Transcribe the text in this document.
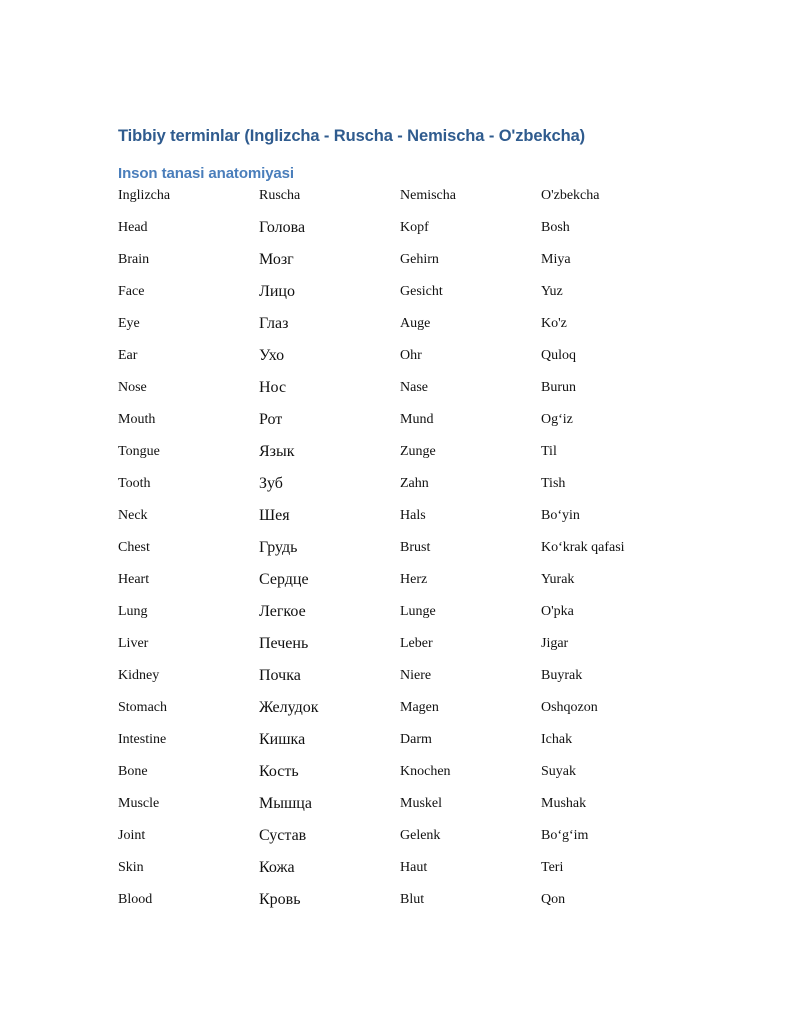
Tibbiy terminlar (Inglizcha - Ruscha - Nemischa - O'zbekcha)
Inson tanasi anatomiyasi
Inglizcha	Ruscha	Nemischa	O'zbekcha
Head	Голова	Kopf	Bosh
Brain	Мозг	Gehirn	Miya
Face	Лицо	Gesicht	Yuz
Eye	Глаз	Auge	Ko'z
Ear	Ухо	Ohr	Quloq
Nose	Нос	Nase	Burun
Mouth	Рот	Mund	Og‘iz
Tongue	Язык	Zunge	Til
Tooth	Зуб	Zahn	Tish
Neck	Шея	Hals	Bo‘yin
Chest	Грудь	Brust	Ko‘krak qafasi
Heart	Сердце	Herz	Yurak
Lung	Легкое	Lunge	O'pka
Liver	Печень	Leber	Jigar
Kidney	Почка	Niere	Buyrak
Stomach	Желудок	Magen	Oshqozon
Intestine	Кишка	Darm	Ichak
Bone	Кость	Knochen	Suyak
Muscle	Мышца	Muskel	Mushak
Joint	Сустав	Gelenk	Bo‘g‘im
Skin	Кожа	Haut	Teri
Blood	Кровь	Blut	Qon
